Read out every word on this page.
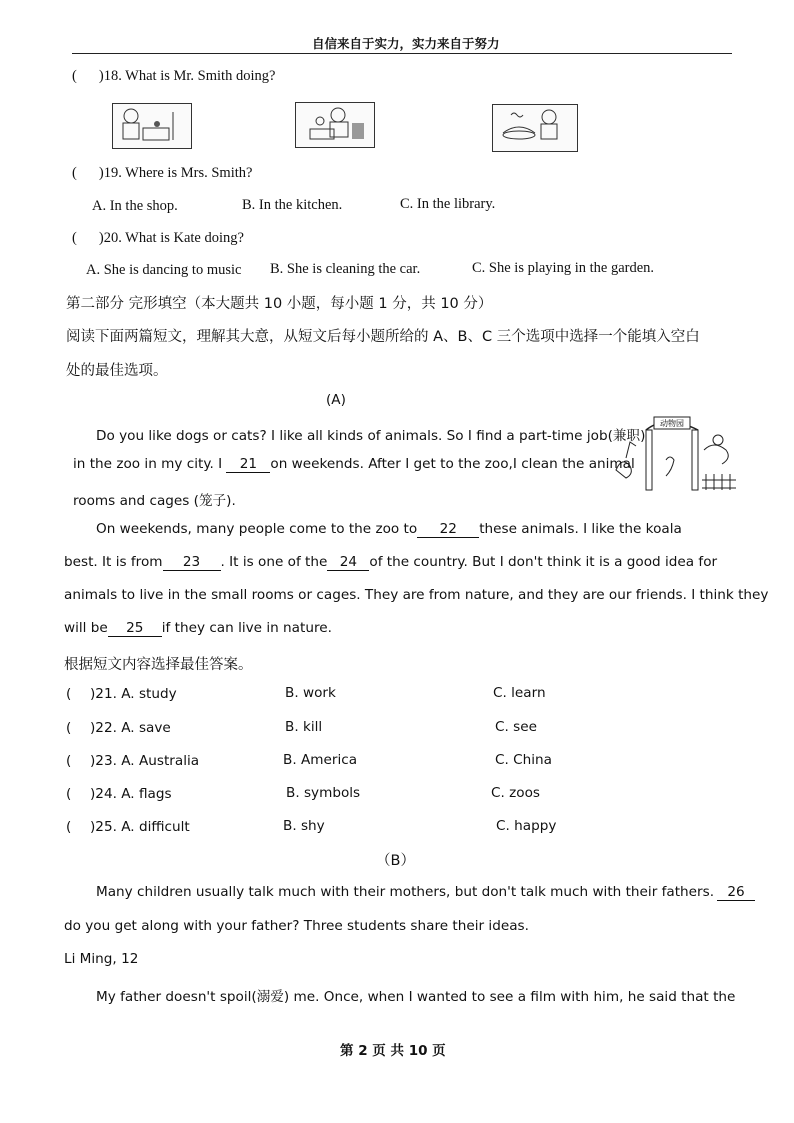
自信来自于实力，实力来自于努力
( )18. What is Mr. Smith doing?
( )19. Where is Mrs. Smith?
A. In the shop.	B. In the kitchen.	C. In the library.
( )20. What is Kate doing?
A. She is dancing to music B. She is cleaning the car.	C. She is playing in the garden.
第二部分 完形填空（本大题共 10 小题，每小题 1 分，共 10 分）
阅读下面两篇短文，理解其大意，从短文后每小题所给的 A、B、C 三个选项中选择一个能填入空白
处的最佳选项。
(A)
动物园
Do you like dogs or cats? I like all kinds of animals. So I find a part-time job(兼职)
in the zoo in my city. I 21 on weekends. After I get to the zoo,I clean the animal
rooms and cages (笼子).
On weekends, many people come to the zoo to 22 these animals. I like the koala
best. It is from 23 . It is one of the 24 of the country. But I don't think it is a good idea for
animals to live in the small rooms or cages. They are from nature, and they are our friends. I think they
will be 25 if they can live in nature.
根据短文内容选择最佳答案。
( )21. A. study	B. work	C. learn
( )22. A. save	B. kill	C. see
( )23. A. Australia	B. America	C. China
( )24. A. flags	B. symbols	C. zoos
( )25. A. difficult	B. shy	C. happy
（B）
Many children usually talk much with their mothers, but don't talk much with their fathers. 26
do you get along with your father? Three students share their ideas.
Li Ming, 12
My father doesn't spoil(溺爱) me. Once, when I wanted to see a film with him, he said that the
第 2 页 共 10 页
